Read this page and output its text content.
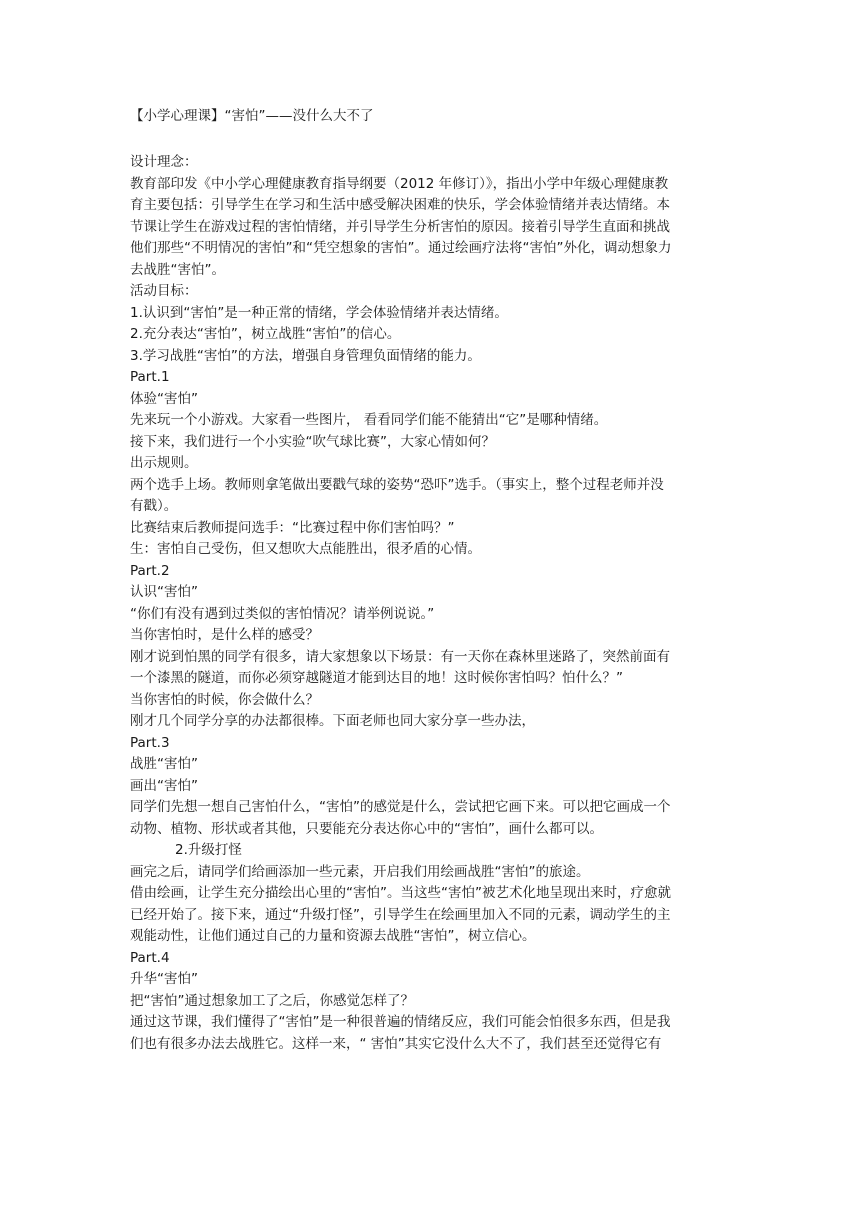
【小学心理课】“害怕”——没什么大不了
设计理念：
教育部印发《中小学心理健康教育指导纲要（2012 年修订）》，指出小学中年级心理健康教
育主要包括：引导学生在学习和生活中感受解决困难的快乐，学会体验情绪并表达情绪。本
节课让学生在游戏过程的害怕情绪，并引导学生分析害怕的原因。接着引导学生直面和挑战
他们那些“不明情况的害怕”和“凭空想象的害怕”。通过绘画疗法将“害怕”外化，调动想象力
去战胜“害怕”。
活动目标：
1.认识到“害怕”是一种正常的情绪，学会体验情绪并表达情绪。
2.充分表达“害怕”，树立战胜“害怕”的信心。
3.学习战胜“害怕”的方法，增强自身管理负面情绪的能力。
Part.1
体验“害怕”
先来玩一个小游戏。大家看一些图片， 看看同学们能不能猜出“它”是哪种情绪。
接下来，我们进行一个小实验“吹气球比赛”，大家心情如何？
出示规则。
两个选手上场。教师则拿笔做出要戳气球的姿势“恐吓”选手。（事实上，整个过程老师并没
有戳）。
比赛结束后教师提问选手：“比赛过程中你们害怕吗？”
生：害怕自己受伤，但又想吹大点能胜出，很矛盾的心情。
Part.2
认识“害怕”
“你们有没有遇到过类似的害怕情况？请举例说说。”
当你害怕时，是什么样的感受？
刚才说到怕黑的同学有很多，请大家想象以下场景：有一天你在森林里迷路了，突然前面有
一个漆黑的隧道，而你必须穿越隧道才能到达目的地！这时候你害怕吗？怕什么？”
当你害怕的时候，你会做什么？
刚才几个同学分享的办法都很棒。下面老师也同大家分享一些办法，
Part.3
战胜“害怕”
画出“害怕”
同学们先想一想自己害怕什么，“害怕”的感觉是什么，尝试把它画下来。可以把它画成一个
动物、植物、形状或者其他，只要能充分表达你心中的“害怕”，画什么都可以。
2.升级打怪
画完之后，请同学们给画添加一些元素，开启我们用绘画战胜“害怕”的旅途。
借由绘画，让学生充分描绘出心里的“害怕”。当这些“害怕”被艺术化地呈现出来时，疗愈就
已经开始了。接下来，通过“升级打怪”，引导学生在绘画里加入不同的元素，调动学生的主
观能动性，让他们通过自己的力量和资源去战胜“害怕”，树立信心。
Part.4
升华“害怕”
把“害怕”通过想象加工了之后，你感觉怎样了？
通过这节课，我们懂得了“害怕”是一种很普遍的情绪反应，我们可能会怕很多东西，但是我
们也有很多办法去战胜它。这样一来，“ 害怕”其实它没什么大不了，我们甚至还觉得它有
